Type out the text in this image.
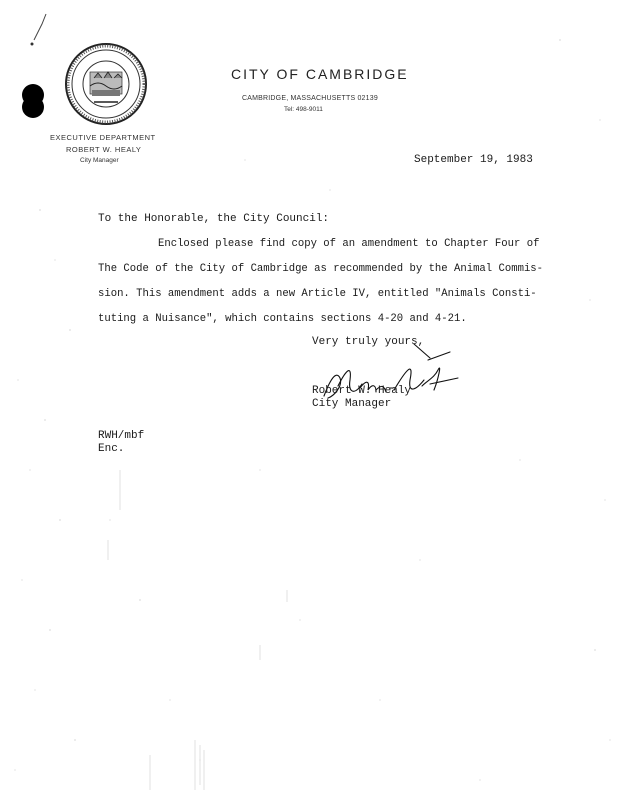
CITY OF CAMBRIDGE
CAMBRIDGE, MASSACHUSETTS 02139
Tel: 498-9011
EXECUTIVE DEPARTMENT
ROBERT W. HEALY
City Manager	September 19, 1983
To the Honorable, the City Council:
Enclosed please find copy of an amendment to Chapter Four of
The Code of the City of Cambridge as recommended by the Animal Commis-
sion. This amendment adds a new Article IV, entitled "Animals Consti-
tuting a Nuisance", which contains sections 4-20 and 4-21.
Very truly yours,
Robert W. Healy
City Manager
RWH/mbf
Enc.
